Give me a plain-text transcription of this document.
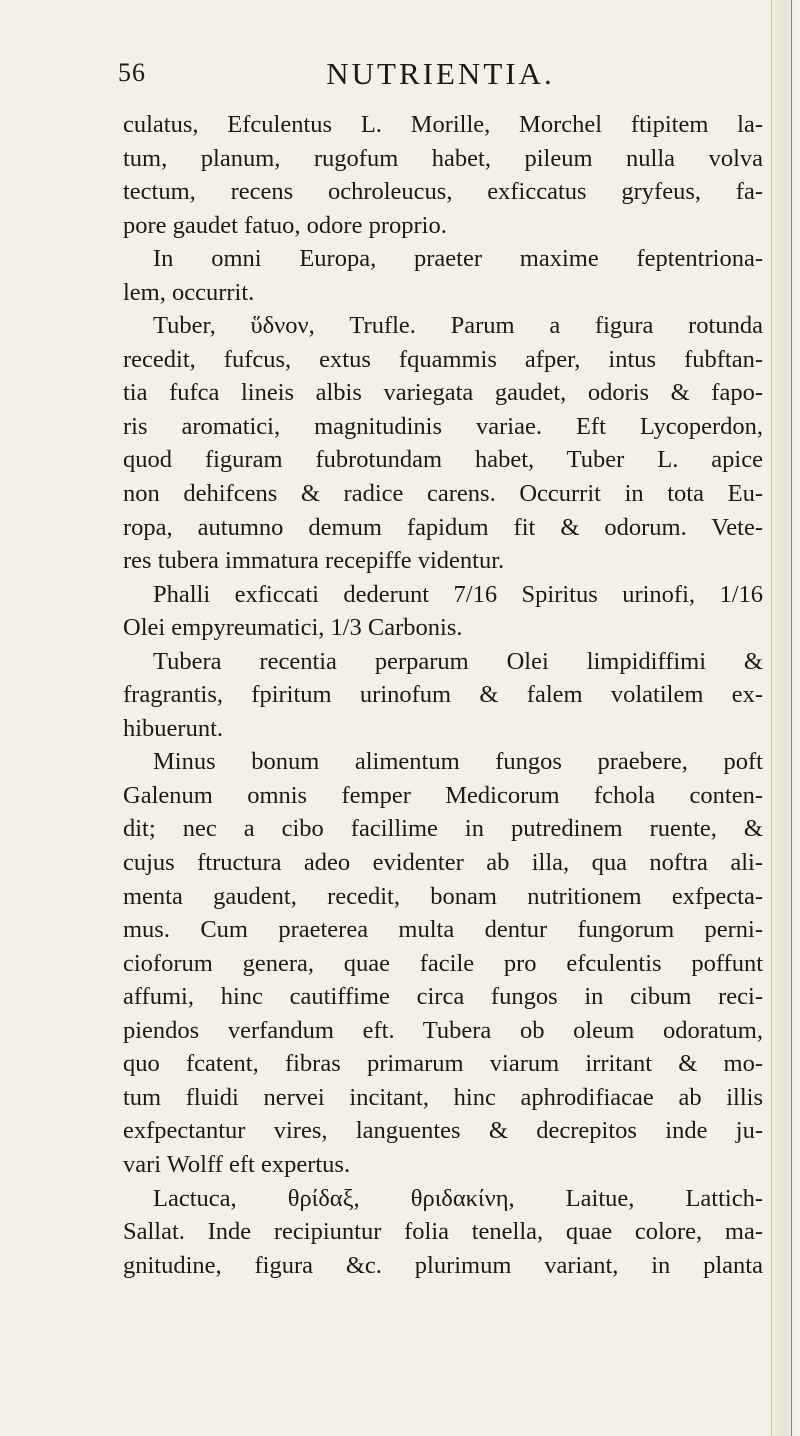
56	NUTRIENTIA.
culatus, Efculentus L. Morille, Morchel ftipitem la-
tum, planum, rugofum habet, pileum nulla volva
tectum, recens ochroleucus, exficcatus gryfeus, fa-
pore gaudet fatuo, odore proprio.
In omni Europa, praeter maxime feptentriona-
lem, occurrit.
Tuber, ὕδνον, Trufle. Parum a figura rotunda
recedit, fufcus, extus fquammis afper, intus fubftan-
tia fufca lineis albis variegata gaudet, odoris & fapo-
ris aromatici, magnitudinis variae. Eft Lycoperdon,
quod figuram fubrotundam habet, Tuber L. apice
non dehifcens & radice carens. Occurrit in tota Eu-
ropa, autumno demum fapidum fit & odorum. Vete-
res tubera immatura recepiffe videntur.
Phalli exficcati dederunt 7/16 Spiritus urinofi, 1/16
Olei empyreumatici, 1/3 Carbonis.
Tubera recentia perparum Olei limpidiffimi &
fragrantis, fpiritum urinofum & falem volatilem ex-
hibuerunt.
Minus bonum alimentum fungos praebere, poft
Galenum omnis femper Medicorum fchola conten-
dit; nec a cibo facillime in putredinem ruente, &
cujus ftructura adeo evidenter ab illa, qua noftra ali-
menta gaudent, recedit, bonam nutritionem exfpecta-
mus. Cum praeterea multa dentur fungorum perni-
cioforum genera, quae facile pro efculentis poffunt
affumi, hinc cautiffime circa fungos in cibum reci-
piendos verfandum eft. Tubera ob oleum odoratum,
quo fcatent, fibras primarum viarum irritant & mo-
tum fluidi nervei incitant, hinc aphrodifiacae ab illis
exfpectantur vires, languentes & decrepitos inde ju-
vari Wolff eft expertus.
Lactuca, θρίδαξ, θριδακίνη, Laitue, Lattich-
Sallat. Inde recipiuntur folia tenella, quae colore, ma-
gnitudine, figura &c. plurimum variant, in planta
